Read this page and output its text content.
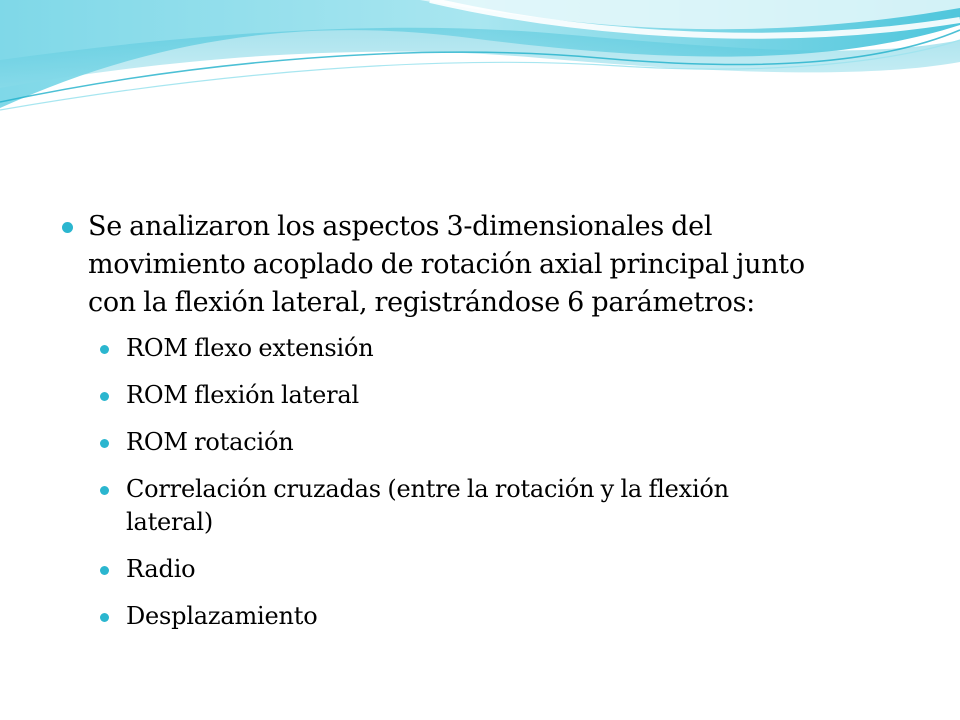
Se analizaron los aspectos 3-dimensionales del
movimiento acoplado de rotación axial principal junto
con la flexión lateral, registrándose 6 parámetros:
ROM flexo extensión
ROM flexión lateral
ROM rotación
Correlación cruzadas (entre la rotación y la flexión
lateral)
Radio
Desplazamiento
